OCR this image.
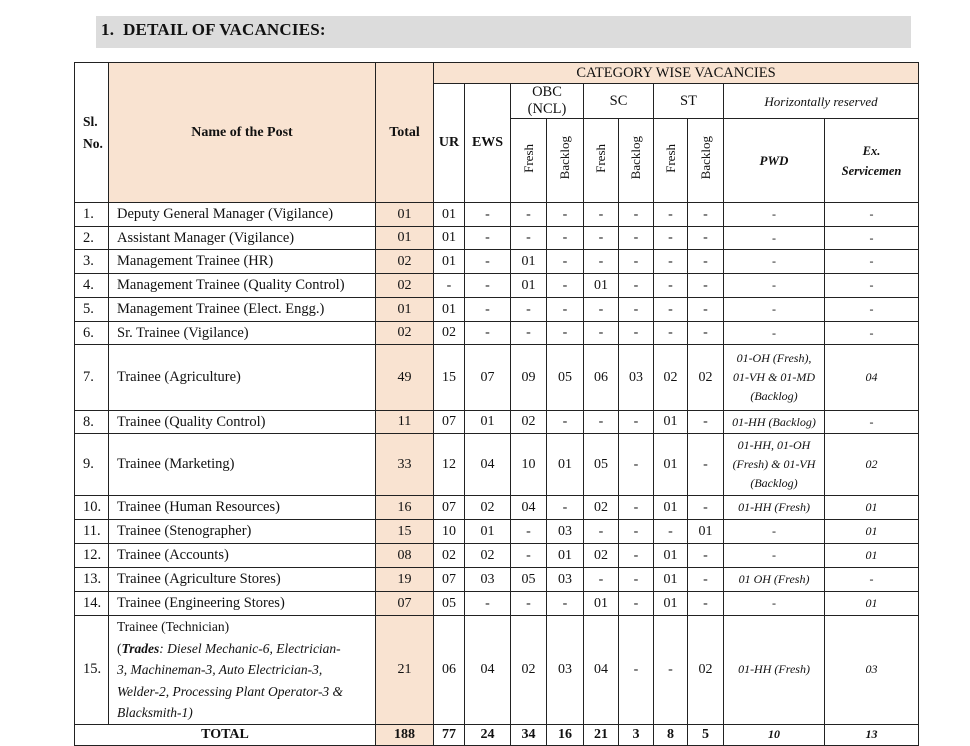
1. DETAIL OF VACANCIES:
Sl.
No.	Name of the Post	Total	CATEGORY WISE VACANCIES									
			UR	EWS	OBC (NCL)		SC		ST		Horizontally reserved	
					Fresh	Backlog	Fresh	Backlog	Fresh	Backlog	PWD	Ex.
Servicemen
1.	Deputy General Manager (Vigilance)	01	01	-	-	-	-	-	-	-	-	-
2.	Assistant Manager (Vigilance)	01	01	-	-	-	-	-	-	-	-	-
3.	Management Trainee (HR)	02	01	-	01	-	-	-	-	-	-	-
4.	Management Trainee (Quality Control)	02	-	-	01	-	01	-	-	-	-	-
5.	Management Trainee (Elect. Engg.)	01	01	-	-	-	-	-	-	-	-	-
6.	Sr. Trainee (Vigilance)	02	02	-	-	-	-	-	-	-	-	-
7.	Trainee (Agriculture)	49	15	07	09	05	06	03	02	02	01-OH (Fresh),
01-VH & 01-MD
(Backlog)	04
8.	Trainee (Quality Control)	11	07	01	02	-	-	-	01	-	01-HH (Backlog)	-
9.	Trainee (Marketing)	33	12	04	10	01	05	-	01	-	01-HH, 01-OH
(Fresh) & 01-VH
(Backlog)	02
10.	Trainee (Human Resources)	16	07	02	04	-	02	-	01	-	01-HH (Fresh)	01
11.	Trainee (Stenographer)	15	10	01	-	03	-	-	-	01	-	01
12.	Trainee (Accounts)	08	02	02	-	01	02	-	01	-	-	01
13.	Trainee (Agriculture Stores)	19	07	03	05	03	-	-	01	-	01 OH (Fresh)	-
14.	Trainee (Engineering Stores)	07	05	-	-	-	01	-	01	-	-	01
15.	Trainee (Technician)
(Trades: Diesel Mechanic-6, Electrician-
3, Machineman-3, Auto Electrician-3,
Welder-2, Processing Plant Operator-3 &
Blacksmith-1)	21	06	04	02	03	04	-	-	02	01-HH (Fresh)	03
TOTAL		188	77	24	34	16	21	3	8	5	10	13
